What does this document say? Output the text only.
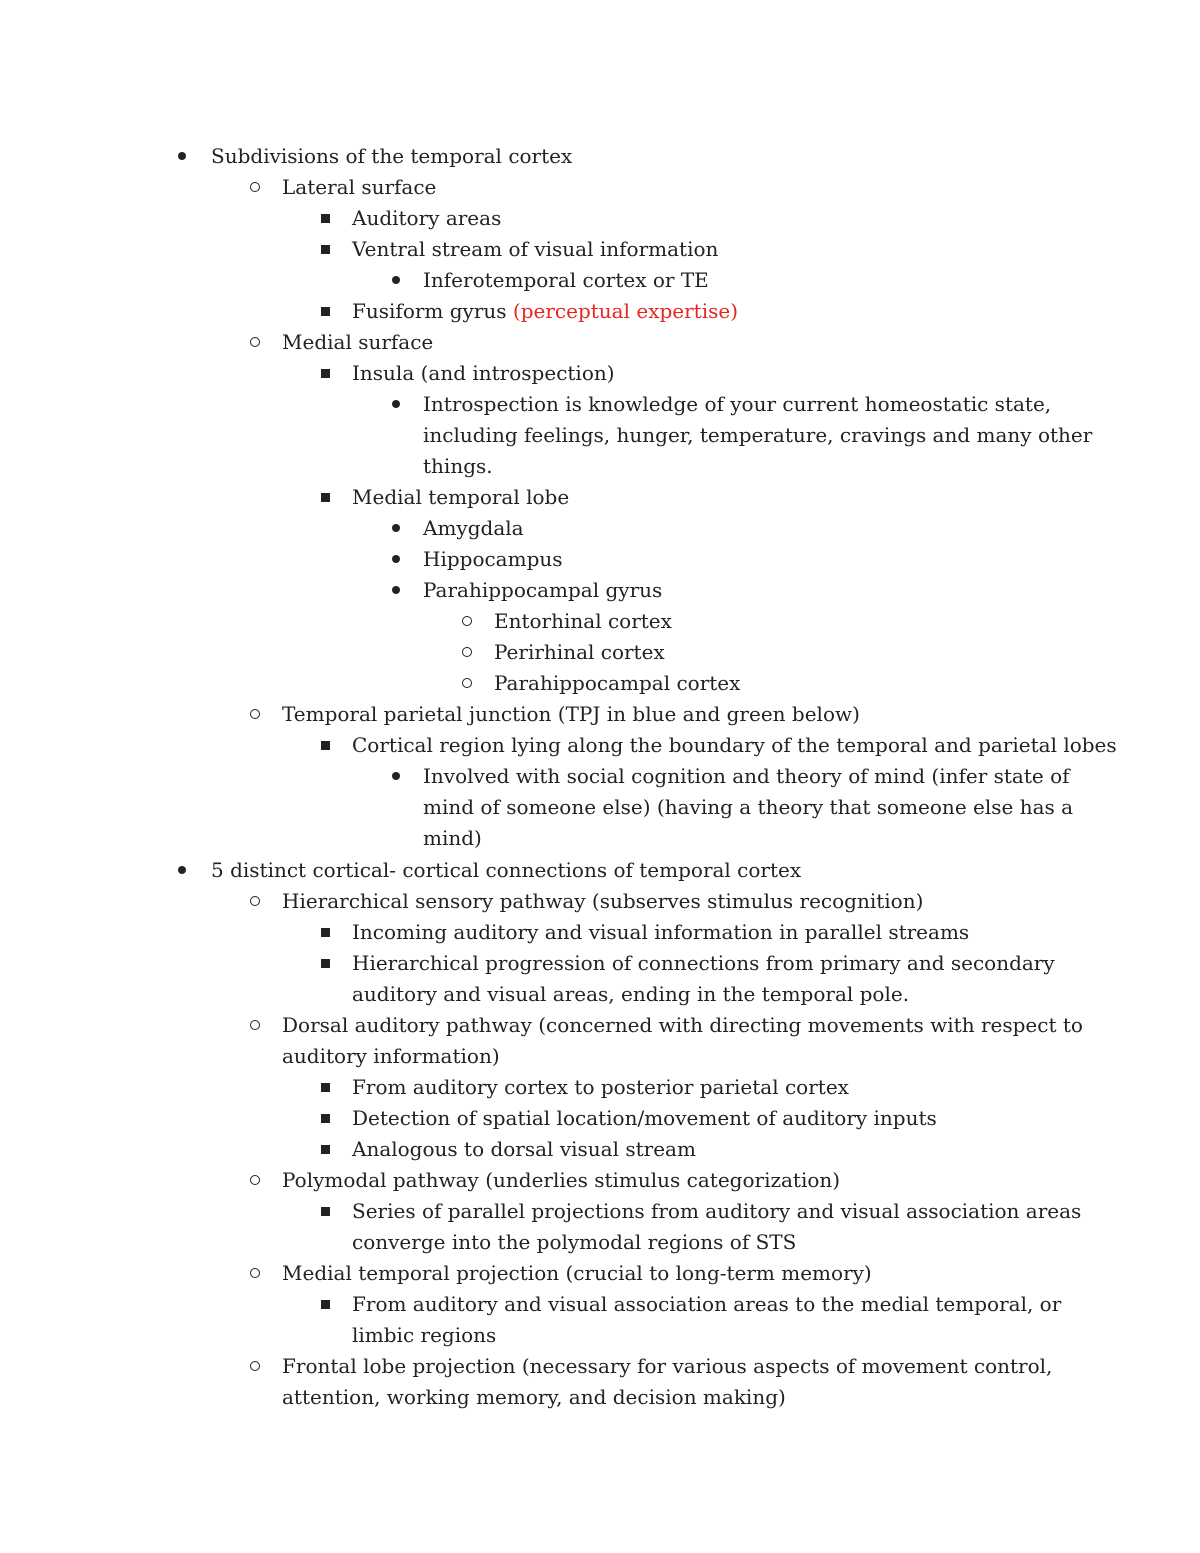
Subdivisions of the temporal cortex
Lateral surface
Auditory areas
Ventral stream of visual information
Inferotemporal cortex or TE
Fusiform gyrus (perceptual expertise)
Medial surface
Insula (and introspection)
Introspection is knowledge of your current homeostatic state,
including feelings, hunger, temperature, cravings and many other
things.
Medial temporal lobe
Amygdala
Hippocampus
Parahippocampal gyrus
Entorhinal cortex
Perirhinal cortex
Parahippocampal cortex
Temporal parietal junction (TPJ in blue and green below)
Cortical region lying along the boundary of the temporal and parietal lobes
Involved with social cognition and theory of mind (infer state of
mind of someone else) (having a theory that someone else has a
mind)
5 distinct cortical- cortical connections of temporal cortex
Hierarchical sensory pathway (subserves stimulus recognition)
Incoming auditory and visual information in parallel streams
Hierarchical progression of connections from primary and secondary
auditory and visual areas, ending in the temporal pole.
Dorsal auditory pathway (concerned with directing movements with respect to
auditory information)
From auditory cortex to posterior parietal cortex
Detection of spatial location/movement of auditory inputs
Analogous to dorsal visual stream
Polymodal pathway (underlies stimulus categorization)
Series of parallel projections from auditory and visual association areas
converge into the polymodal regions of STS
Medial temporal projection (crucial to long-term memory)
From auditory and visual association areas to the medial temporal, or
limbic regions
Frontal lobe projection (necessary for various aspects of movement control,
attention, working memory, and decision making)
